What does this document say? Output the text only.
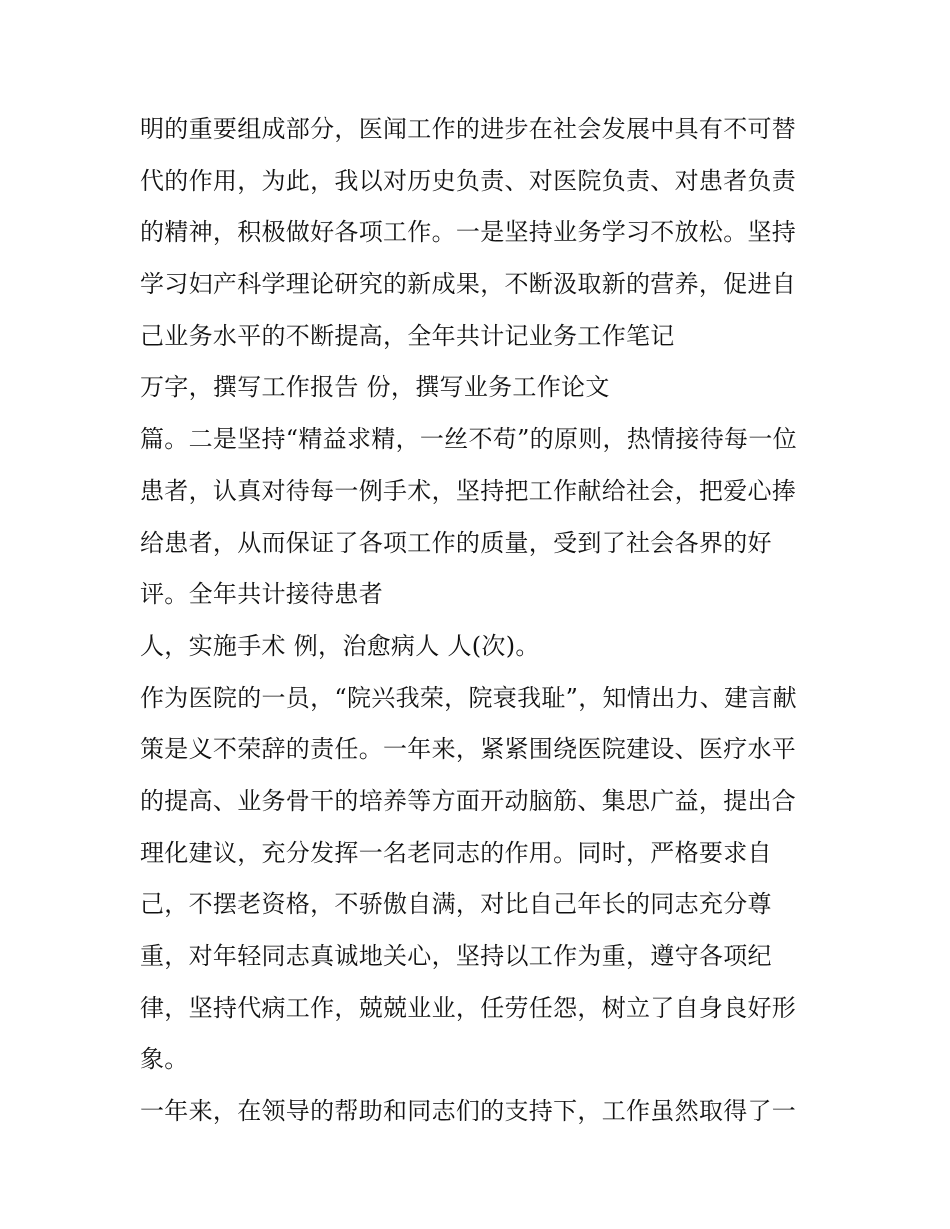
明的重要组成部分，医闻工作的进步在社会发展中具有不可替
代的作用，为此，我以对历史负责、对医院负责、对患者负责
的精神，积极做好各项工作。一是坚持业务学习不放松。坚持
学习妇产科学理论研究的新成果，不断汲取新的营养，促进自
己业务水平的不断提高，全年共计记业务工作笔记
万字，撰写工作报告 份，撰写业务工作论文
篇。二是坚持“精益求精，一丝不苟”的原则，热情接待每一位
患者，认真对待每一例手术，坚持把工作献给社会，把爱心捧
给患者，从而保证了各项工作的质量，受到了社会各界的好
评。全年共计接待患者
人，实施手术 例，治愈病人 人(次)。
作为医院的一员，“院兴我荣，院衰我耻”，知情出力、建言献
策是义不荣辞的责任。一年来，紧紧围绕医院建设、医疗水平
的提高、业务骨干的培养等方面开动脑筋、集思广益，提出合
理化建议，充分发挥一名老同志的作用。同时，严格要求自
己，不摆老资格，不骄傲自满，对比自己年长的同志充分尊
重，对年轻同志真诚地关心，坚持以工作为重，遵守各项纪
律，坚持代病工作，兢兢业业，任劳任怨，树立了自身良好形
象。
一年来，在领导的帮助和同志们的支持下，工作虽然取得了一
